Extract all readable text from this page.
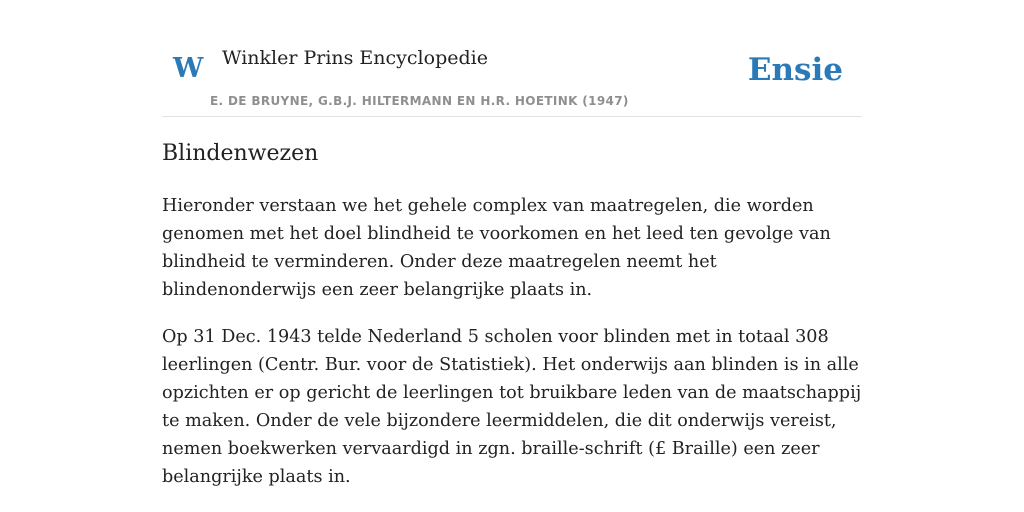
W Winkler Prins Encyclopedie
E. DE BRUYNE, G.B.J. HILTERMANN EN H.R. HOETINK (1947)
Ensie
Blindenwezen

Hieronder verstaan we het gehele complex van maatregelen, die worden genomen met het doel blindheid te voorkomen en het leed ten gevolge van blindheid te verminderen. Onder deze maatregelen neemt het blindenonderwijs een zeer belangrijke plaats in.

Op 31 Dec. 1943 telde Nederland 5 scholen voor blinden met in totaal 308 leerlingen (Centr. Bur. voor de Statistiek). Het onderwijs aan blinden is in alle opzichten er op gericht de leerlingen tot bruikbare leden van de maatschappij te maken. Onder de vele bijzondere leermiddelen, die dit onderwijs vereist, nemen boekwerken vervaardigd in zgn. braille-schrift (£ Braille) een zeer belangrijke plaats in.
